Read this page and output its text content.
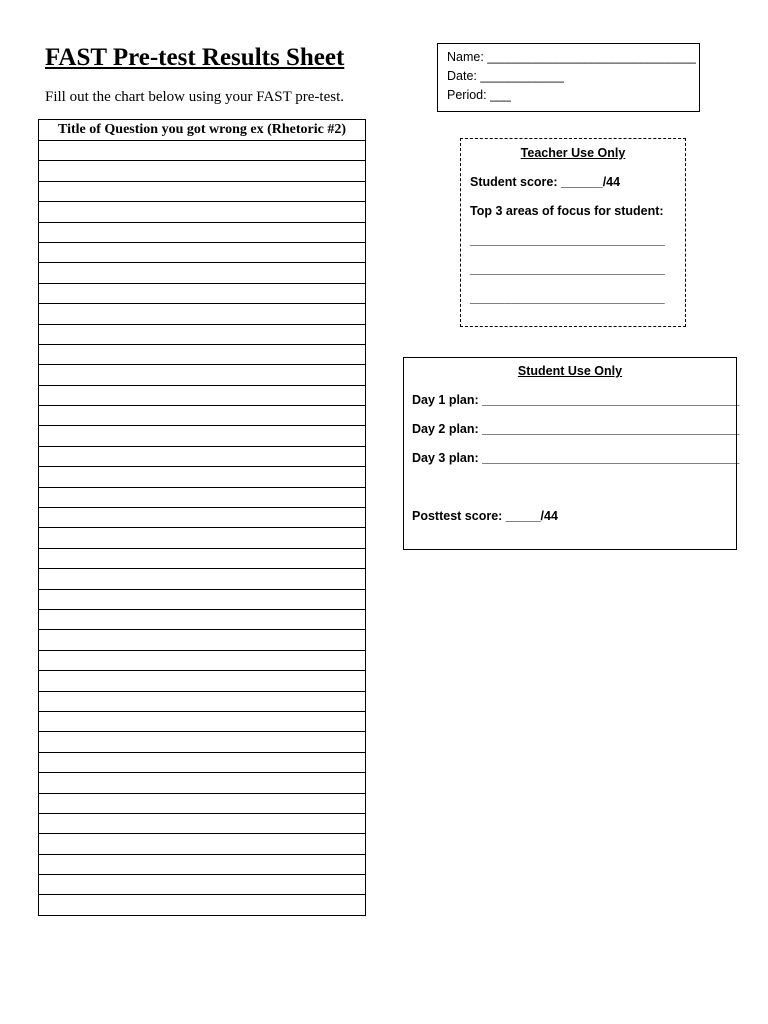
FAST Pre-test Results Sheet
Fill out the chart below using your FAST pre-test.
Title of Question you got wrong ex (Rhetoric #2)

Name: ______________________________
Date: ____________
Period: ___
Teacher Use Only
Student score: ______/44
Top 3 areas of focus for student:
____________________________
____________________________
____________________________
Student Use Only
Day 1 plan: _____________________________________
Day 2 plan: _____________________________________
Day 3 plan: _____________________________________
Posttest score: _____/44
